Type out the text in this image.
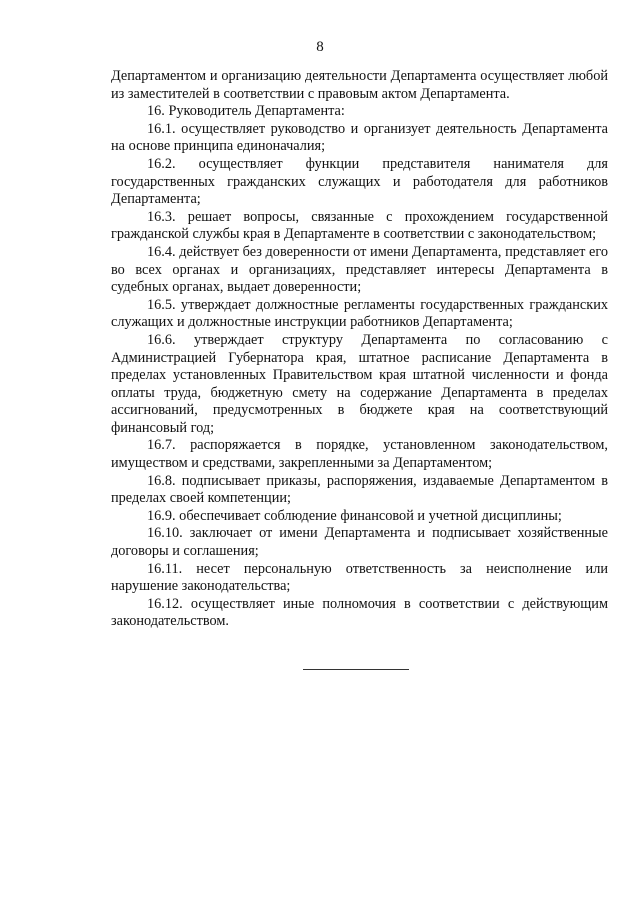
8

Департаментом и организацию деятельности Департамента осуществляет любой из заместителей в соответствии с правовым актом Департамента.

16. Руководитель Департамента:

16.1. осуществляет руководство и организует деятельность Департамента на основе принципа единоначалия;

16.2. осуществляет функции представителя нанимателя для государственных гражданских служащих и работодателя для работников Департамента;

16.3. решает вопросы, связанные с прохождением государственной гражданской службы края в Департаменте в соответствии с законодательством;

16.4. действует без доверенности от имени Департамента, представляет его во всех органах и организациях, представляет интересы Департамента в судебных органах, выдает доверенности;

16.5. утверждает должностные регламенты государственных гражданских служащих и должностные инструкции работников Департамента;

16.6. утверждает структуру Департамента по согласованию с Администрацией Губернатора края, штатное расписание Департамента в пределах установленных Правительством края штатной численности и фонда оплаты труда, бюджетную смету на содержание Департамента в пределах ассигнований, предусмотренных в бюджете края на соответствующий финансовый год;

16.7. распоряжается в порядке, установленном законодательством, имуществом и средствами, закрепленными за Департаментом;

16.8. подписывает приказы, распоряжения, издаваемые Департаментом в пределах своей компетенции;

16.9. обеспечивает соблюдение финансовой и учетной дисциплины;

16.10. заключает от имени Департамента и подписывает хозяйственные договоры и соглашения;

16.11. несет персональную ответственность за неисполнение или нарушение законодательства;

16.12. осуществляет иные полномочия в соответствии с действующим законодательством.
